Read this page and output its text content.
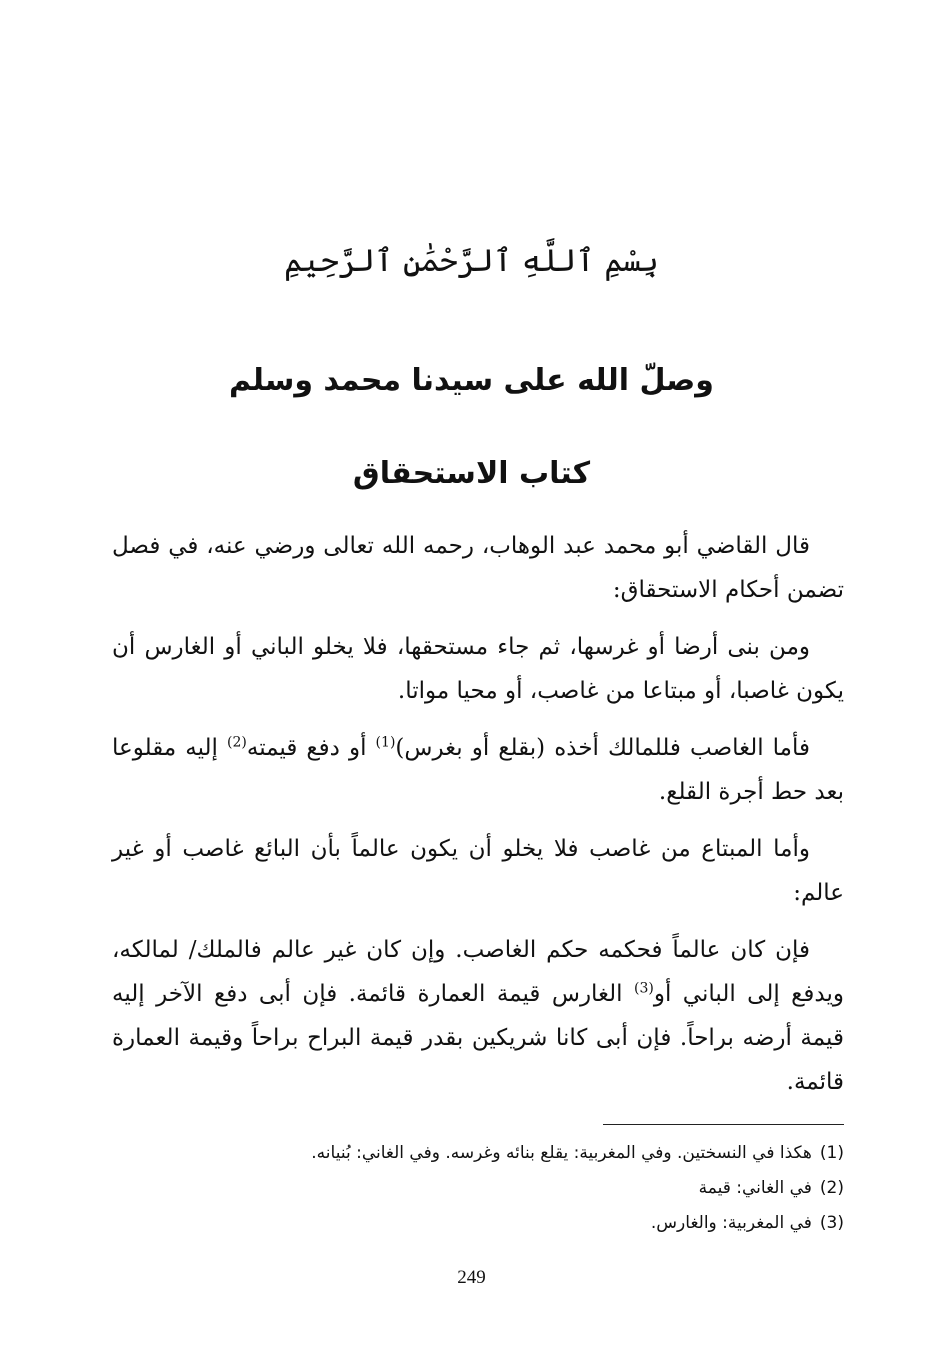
بِسْمِ ٱللَّهِ ٱلرَّحْمَٰنِ ٱلرَّحِيمِ
وصلّ الله على سيدنا محمد وسلم
كتاب الاستحقاق

قال القاضي أبو محمد عبد الوهاب، رحمه الله تعالى ورضي عنه، في فصل تضمن أحكام الاستحقاق:

ومن بنى أرضا أو غرسها، ثم جاء مستحقها، فلا يخلو الباني أو الغارس أن يكون غاصبا، أو مبتاعا من غاصب، أو محيا مواتا.

فأما الغاصب فللمالك أخذه (بقلع أو بغرس)$^{(1)}$ أو دفع قيمته$^{(2)}$ إليه مقلوعا بعد حط أجرة القلع.

وأما المبتاع من غاصب فلا يخلو أن يكون عالماً بأن البائع غاصب أو غير عالم:

فإن كان عالماً فحكمه حكم الغاصب. وإن كان غير عالم فالملك/ لمالكه، ويدفع إلى الباني أو$^{(3)}$ الغارس قيمة العمارة قائمة. فإن أبى دفع الآخر إليه قيمة أرضه براحاً. فإن أبى كانا شريكين بقدر قيمة البراح براحاً وقيمة العمارة قائمة.

(1)هكذا في النسختين. وفي المغربية: يقلع بنائه وغرسه. وفي الغاني: بُنيانه.
(2)في الغاني: قيمة
(3)في المغربية: والغارس.
249
